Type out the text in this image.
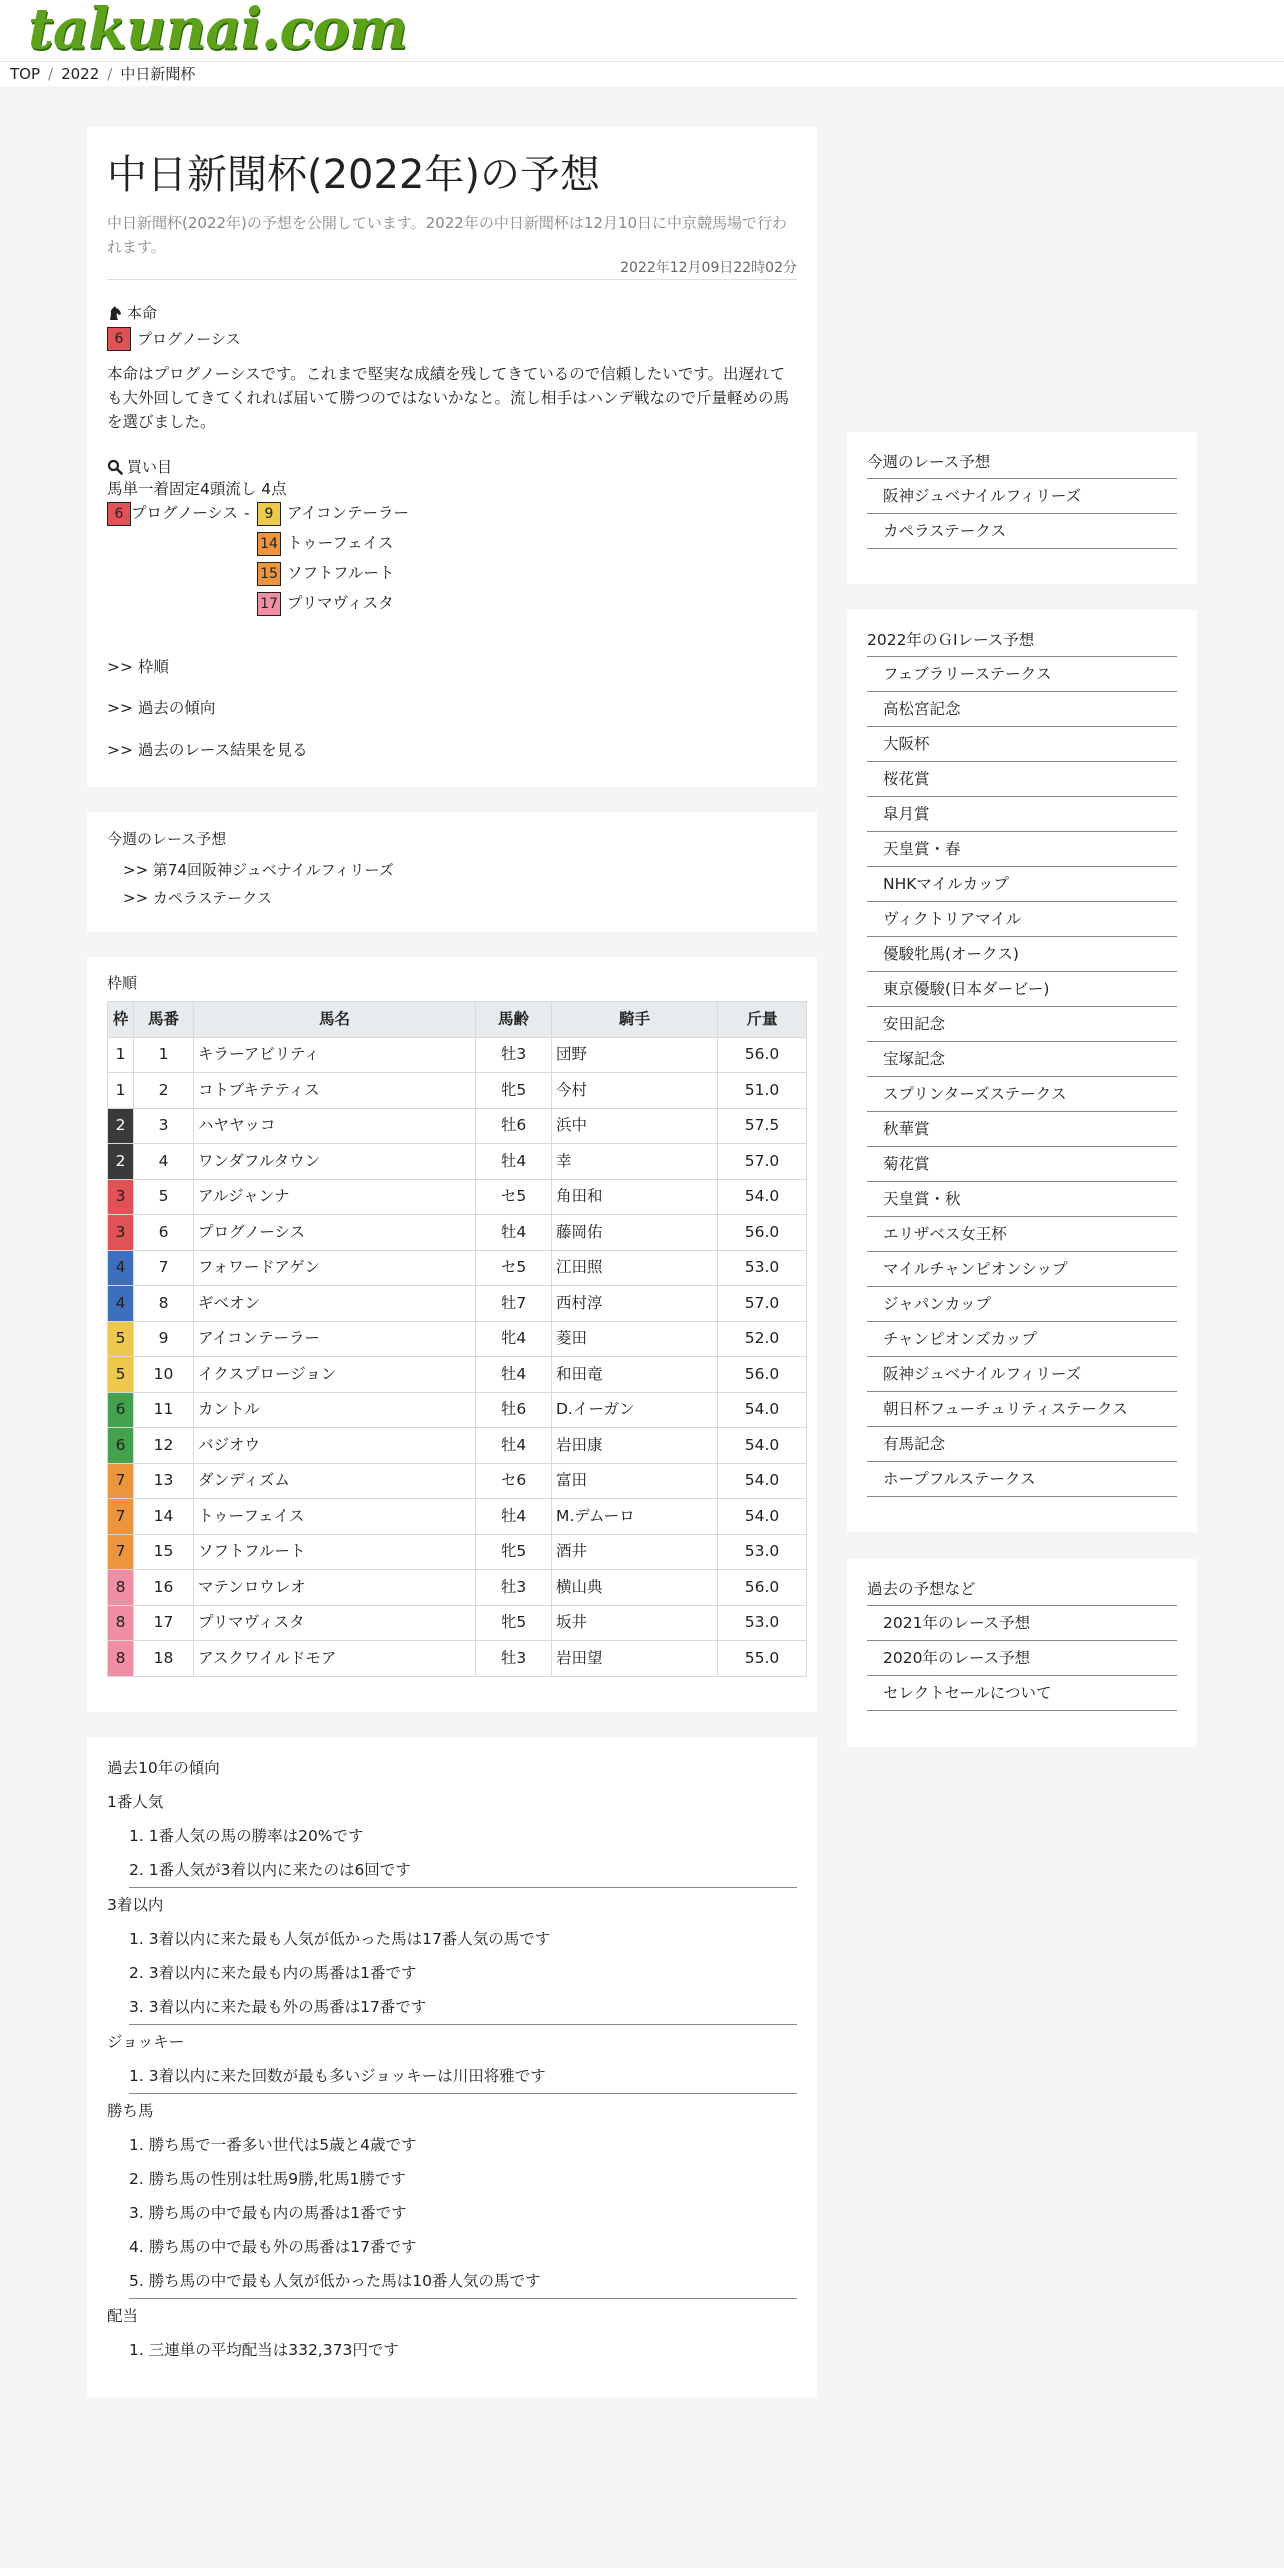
takunai.com
TOP / 2022 / 中日新聞杯
中日新聞杯(2022年)の予想

中日新聞杯(2022年)の予想を公開しています。2022年の中日新聞杯は12月10日に中京競馬場で行われます。

2022年12月09日22時02分
本命
6 プログノーシス

本命はプログノーシスです。これまで堅実な成績を残してきているので信頼したいです。出遅れても大外回してきてくれれば届いて勝つのではないかなと。流し相手はハンデ戦なので斤量軽めの馬を選びました。

買い目
馬単一着固定4頭流し 4点
6 プログノーシス -	9 アイコンテーラー
14 トゥーフェイス
15 ソフトフルート
17 プリマヴィスタ
>> 枠順
>> 過去の傾向
>> 過去のレース結果を見る
今週のレース予想
>> 第74回阪神ジュベナイルフィリーズ
>> カペラステークス
枠順
枠	馬番	馬名	馬齢	騎手	斤量
1	1	キラーアビリティ	牡3	団野	56.0
1	2	コトブキテティス	牝5	今村	51.0
2	3	ハヤヤッコ	牡6	浜中	57.5
2	4	ワンダフルタウン	牡4	幸	57.0
3	5	アルジャンナ	セ5	角田和	54.0
3	6	プログノーシス	牡4	藤岡佑	56.0
4	7	フォワードアゲン	セ5	江田照	53.0
4	8	ギベオン	牡7	西村淳	57.0
5	9	アイコンテーラー	牝4	菱田	52.0
5	10	イクスプロージョン	牡4	和田竜	56.0
6	11	カントル	牡6	D.イーガン	54.0
6	12	バジオウ	牡4	岩田康	54.0
7	13	ダンディズム	セ6	富田	54.0
7	14	トゥーフェイス	牡4	M.デムーロ	54.0
7	15	ソフトフルート	牝5	酒井	53.0
8	16	マテンロウレオ	牡3	横山典	56.0
8	17	プリマヴィスタ	牝5	坂井	53.0
8	18	アスクワイルドモア	牡3	岩田望	55.0
過去10年の傾向
1番人気
1. 1番人気の馬の勝率は20%です
2. 1番人気が3着以内に来たのは6回です
3着以内
1. 3着以内に来た最も人気が低かった馬は17番人気の馬です
2. 3着以内に来た最も内の馬番は1番です
3. 3着以内に来た最も外の馬番は17番です
ジョッキー
1. 3着以内に来た回数が最も多いジョッキーは川田将雅です
勝ち馬
1. 勝ち馬で一番多い世代は5歳と4歳です
2. 勝ち馬の性別は牡馬9勝,牝馬1勝です
3. 勝ち馬の中で最も内の馬番は1番です
4. 勝ち馬の中で最も外の馬番は17番です
5. 勝ち馬の中で最も人気が低かった馬は10番人気の馬です
配当
1. 三連単の平均配当は332,373円です
今週のレース予想
阪神ジュベナイルフィリーズ
カペラステークス
2022年のＧⅠレース予想
フェブラリーステークス
高松宮記念
大阪杯
桜花賞
皐月賞
天皇賞・春
NHKマイルカップ
ヴィクトリアマイル
優駿牝馬(オークス)
東京優駿(日本ダービー)
安田記念
宝塚記念
スプリンターズステークス
秋華賞
菊花賞
天皇賞・秋
エリザベス女王杯
マイルチャンピオンシップ
ジャパンカップ
チャンピオンズカップ
阪神ジュベナイルフィリーズ
朝日杯フューチュリティステークス
有馬記念
ホープフルステークス
過去の予想など
2021年のレース予想
2020年のレース予想
セレクトセールについて
